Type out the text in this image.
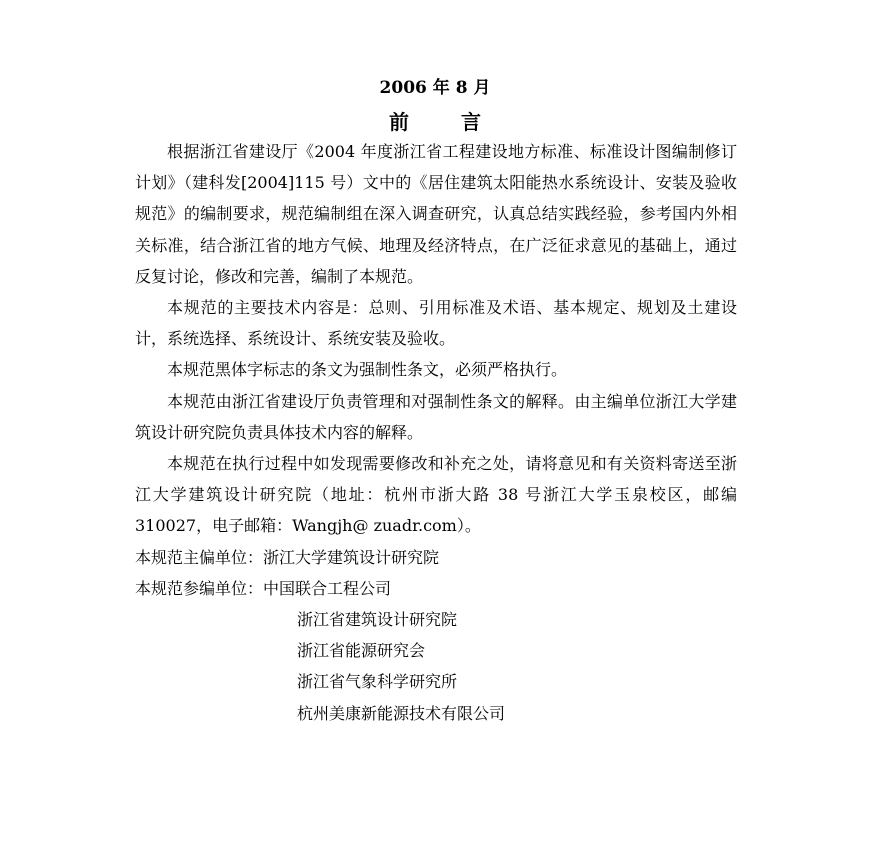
2006 年 8 月
前言

根据浙江省建设厅《2004 年度浙江省工程建设地方标准、标准设计图编制修订计划》（建科发[2004]115 号）文中的《居住建筑太阳能热水系统设计、安装及验收规范》的编制要求，规范编制组在深入调查研究，认真总结实践经验，参考国内外相关标准，结合浙江省的地方气候、地理及经济特点，在广泛征求意见的基础上，通过反复讨论，修改和完善，编制了本规范。

本规范的主要技术内容是：总则、引用标准及术语、基本规定、规划及土建设计，系统选择、系统设计、系统安装及验收。

本规范黑体字标志的条文为强制性条文，必须严格执行。

本规范由浙江省建设厅负责管理和对强制性条文的解释。由主编单位浙江大学建筑设计研究院负责具体技术内容的解释。

本规范在执行过程中如发现需要修改和补充之处，请将意见和有关资料寄送至浙江大学建筑设计研究院（地址：杭州市浙大路 38 号浙江大学玉泉校区，邮编 310027，电子邮箱：Wangjh@ zuadr.com）。

本规范主偏单位：浙江大学建筑设计研究院

本规范参编单位：中国联合工程公司

浙江省建筑设计研究院
浙江省能源研究会
浙江省气象科学研究所
杭州美康新能源技术有限公司
